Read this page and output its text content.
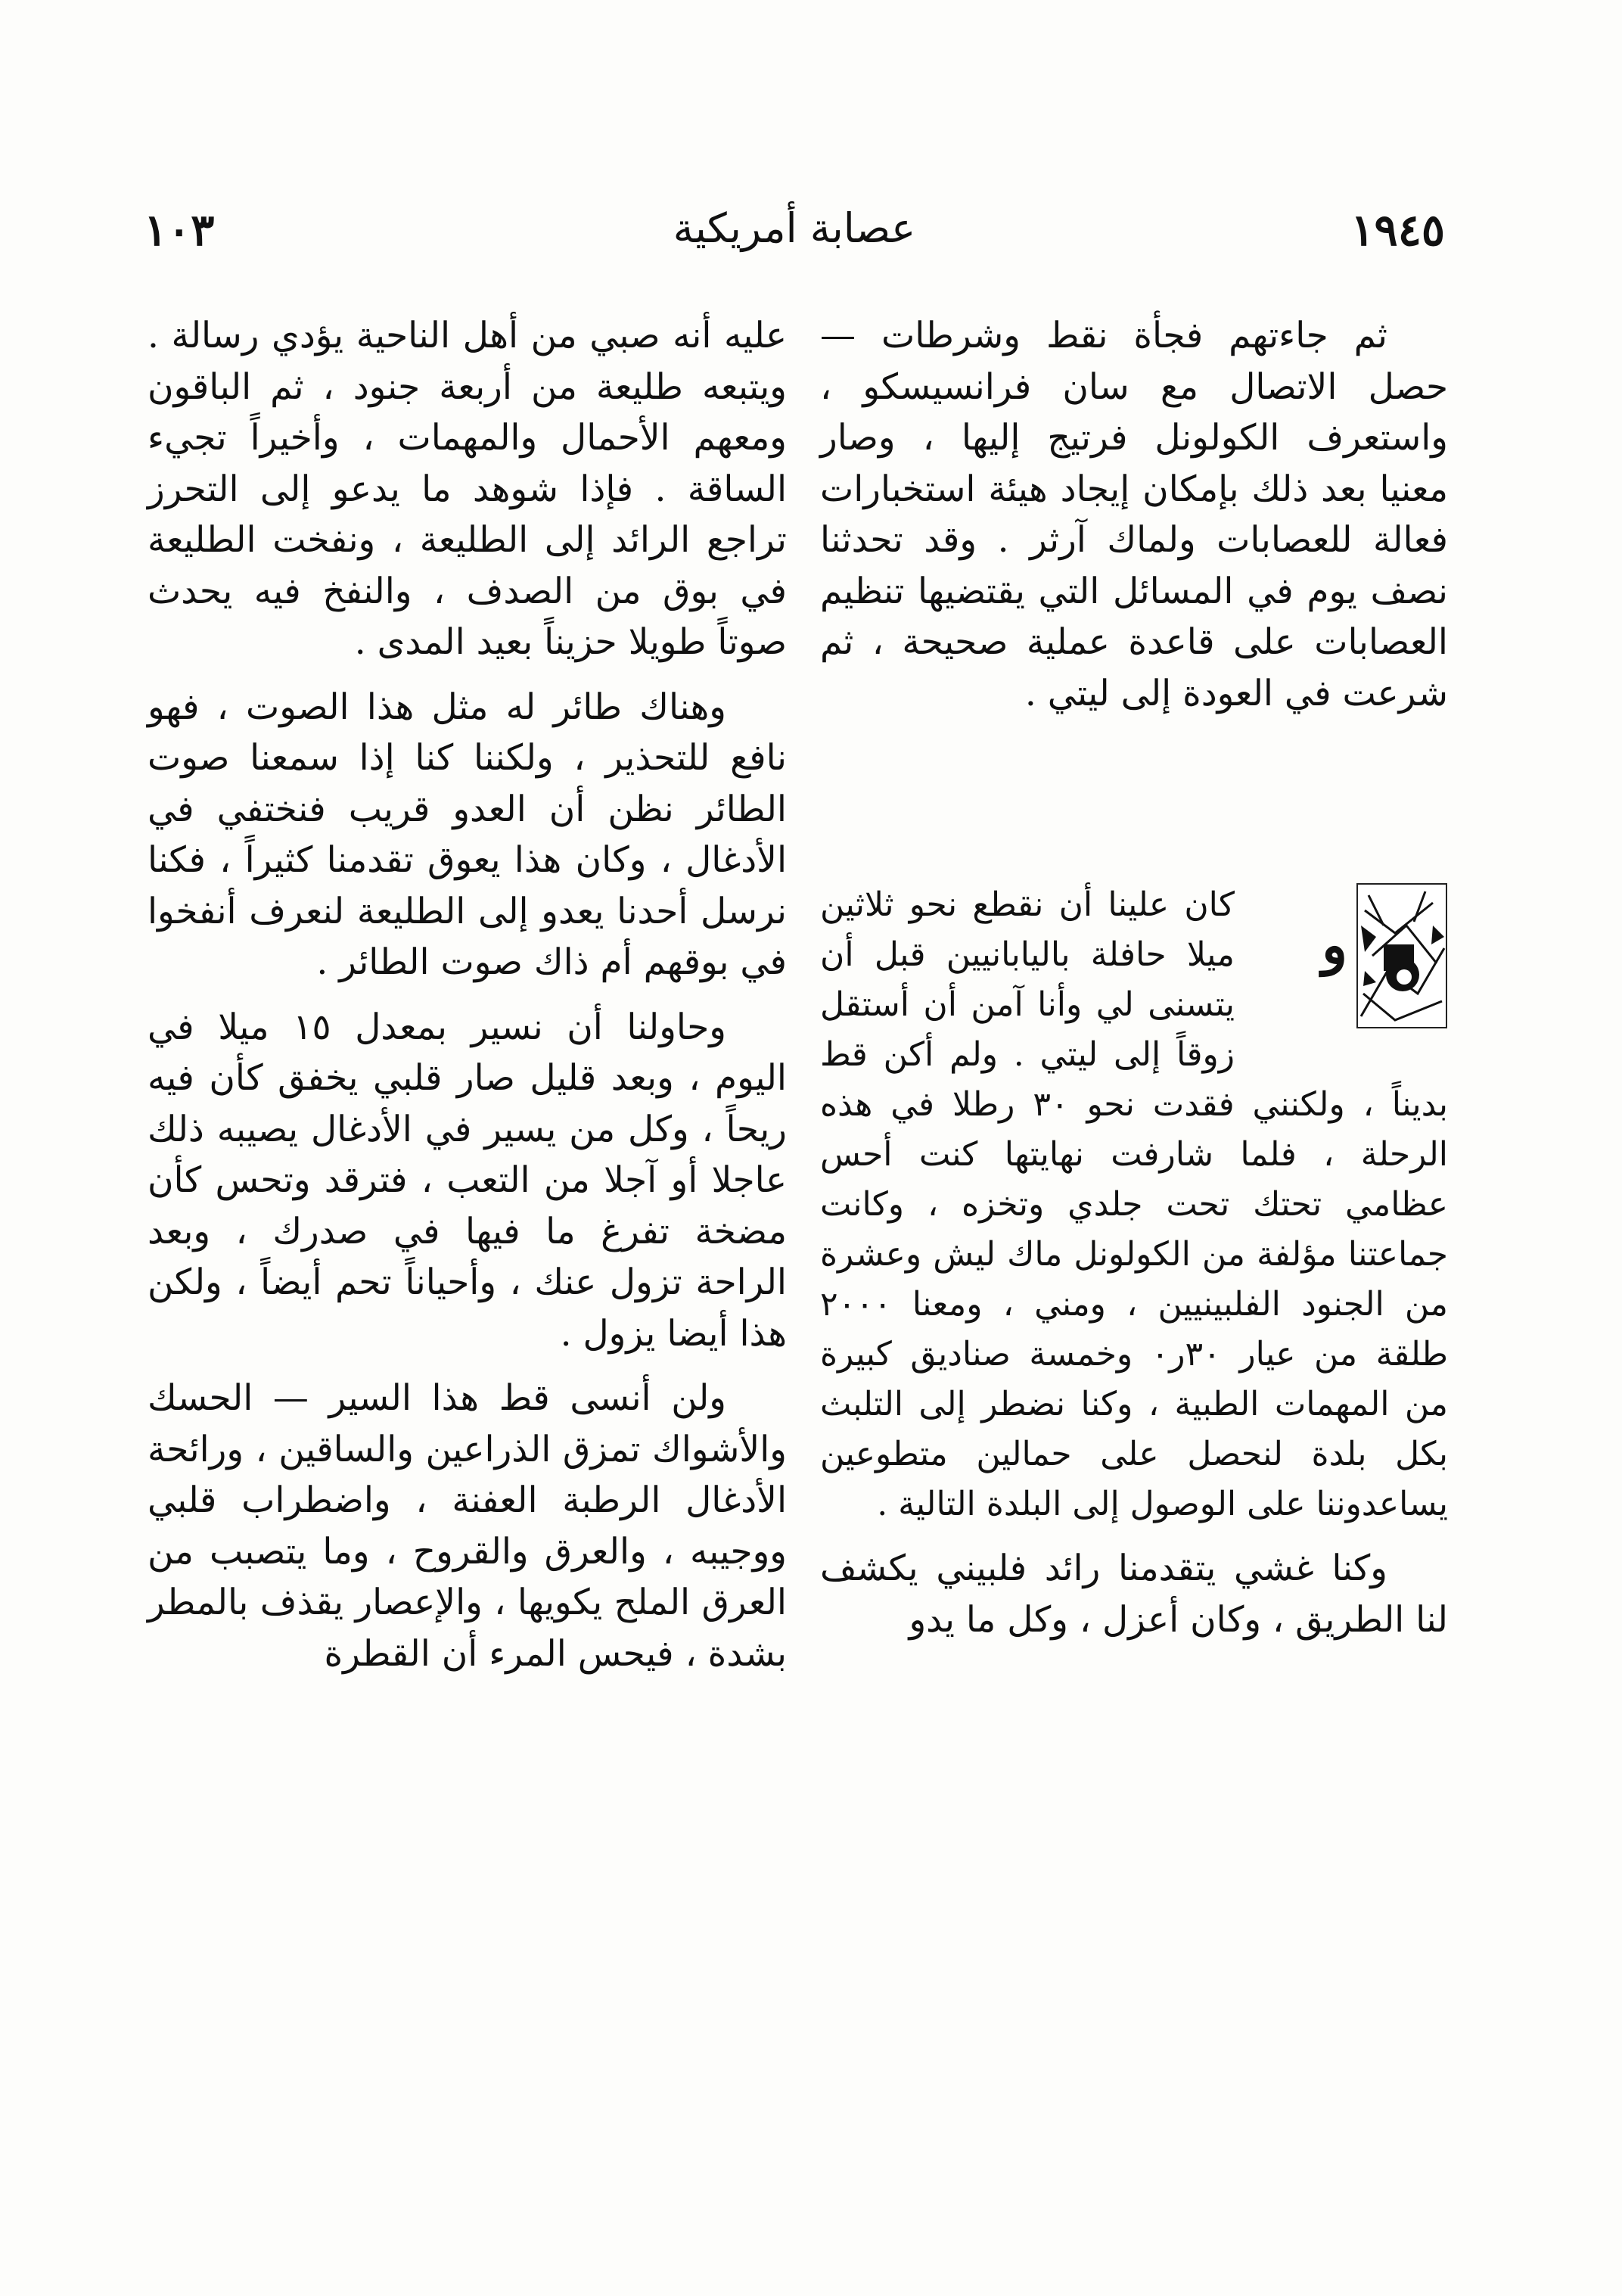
١٩٤٥
عصابة أمريكية
١٠٣

ثم جاءتهم فجأة نقط وشرطات — حصل الاتصال مع سان فرانسيسكو ، واستعرف الكولونل فرتيج إليها ، وصار معنيا بعد ذلك بإمكان إيجاد هيئة استخبارات فعالة للعصابات ولماك آرثر . وقد تحدثنا نصف يوم في المسائل التي يقتضيها تنظيم العصابات على قاعدة عملية صحيحة ، ثم شرعت في العودة إلى ليتي .

و

كان علينا أن نقطع نحو ثلاثين ميلا حافلة باليابانيين قبل أن يتسنى لي وأنا آمن أن أستقل زوقاً إلى ليتي . ولم أكن قط بديناً ، ولكنني فقدت نحو ٣٠ رطلا في هذه الرحلة ، فلما شارفت نهايتها كنت أحس عظامي تحتك تحت جلدي وتخزه ، وكانت جماعتنا مؤلفة من الكولونل ماك ليش وعشرة من الجنود الفلبينيين ، ومني ، ومعنا ٢٠٠٠ طلقة من عيار ٣٠ر٠ وخمسة صناديق كبيرة من المهمات الطبية ، وكنا نضطر إلى التلبث بكل بلدة لنحصل على حمالين متطوعين يساعدوننا على الوصول إلى البلدة التالية .

وكنا غشي يتقدمنا رائد فلبيني يكشف لنا الطريق ، وكان أعزل ، وكل ما يدو

عليه أنه صبي من أهل الناحية يؤدي رسالة . ويتبعه طليعة من أربعة جنود ، ثم الباقون ومعهم الأحمال والمهمات ، وأخيراً تجيء الساقة . فإذا شوهد ما يدعو إلى التحرز تراجع الرائد إلى الطليعة ، ونفخت الطليعة في بوق من الصدف ، والنفخ فيه يحدث صوتاً طويلا حزيناً بعيد المدى .

وهناك طائر له مثل هذا الصوت ، فهو نافع للتحذير ، ولكننا كنا إذا سمعنا صوت الطائر نظن أن العدو قريب فنختفي في الأدغال ، وكان هذا يعوق تقدمنا كثيراً ، فكنا نرسل أحدنا يعدو إلى الطليعة لنعرف أنفخوا في بوقهم أم ذاك صوت الطائر .

وحاولنا أن نسير بمعدل ١٥ ميلا في اليوم ، وبعد قليل صار قلبي يخفق كأن فيه ريحاً ، وكل من يسير في الأدغال يصيبه ذلك عاجلا أو آجلا من التعب ، فترقد وتحس كأن مضخة تفرغ ما فيها في صدرك ، وبعد الراحة تزول عنك ، وأحياناً تحم أيضاً ، ولكن هذا أيضا يزول .

ولن أنسى قط هذا السير — الحسك والأشواك تمزق الذراعين والساقين ، ورائحة الأدغال الرطبة العفنة ، واضطراب قلبي ووجيبه ، والعرق والقروح ، وما يتصبب من العرق الملح يكويها ، والإعصار يقذف بالمطر بشدة ، فيحس المرء أن القطرة
